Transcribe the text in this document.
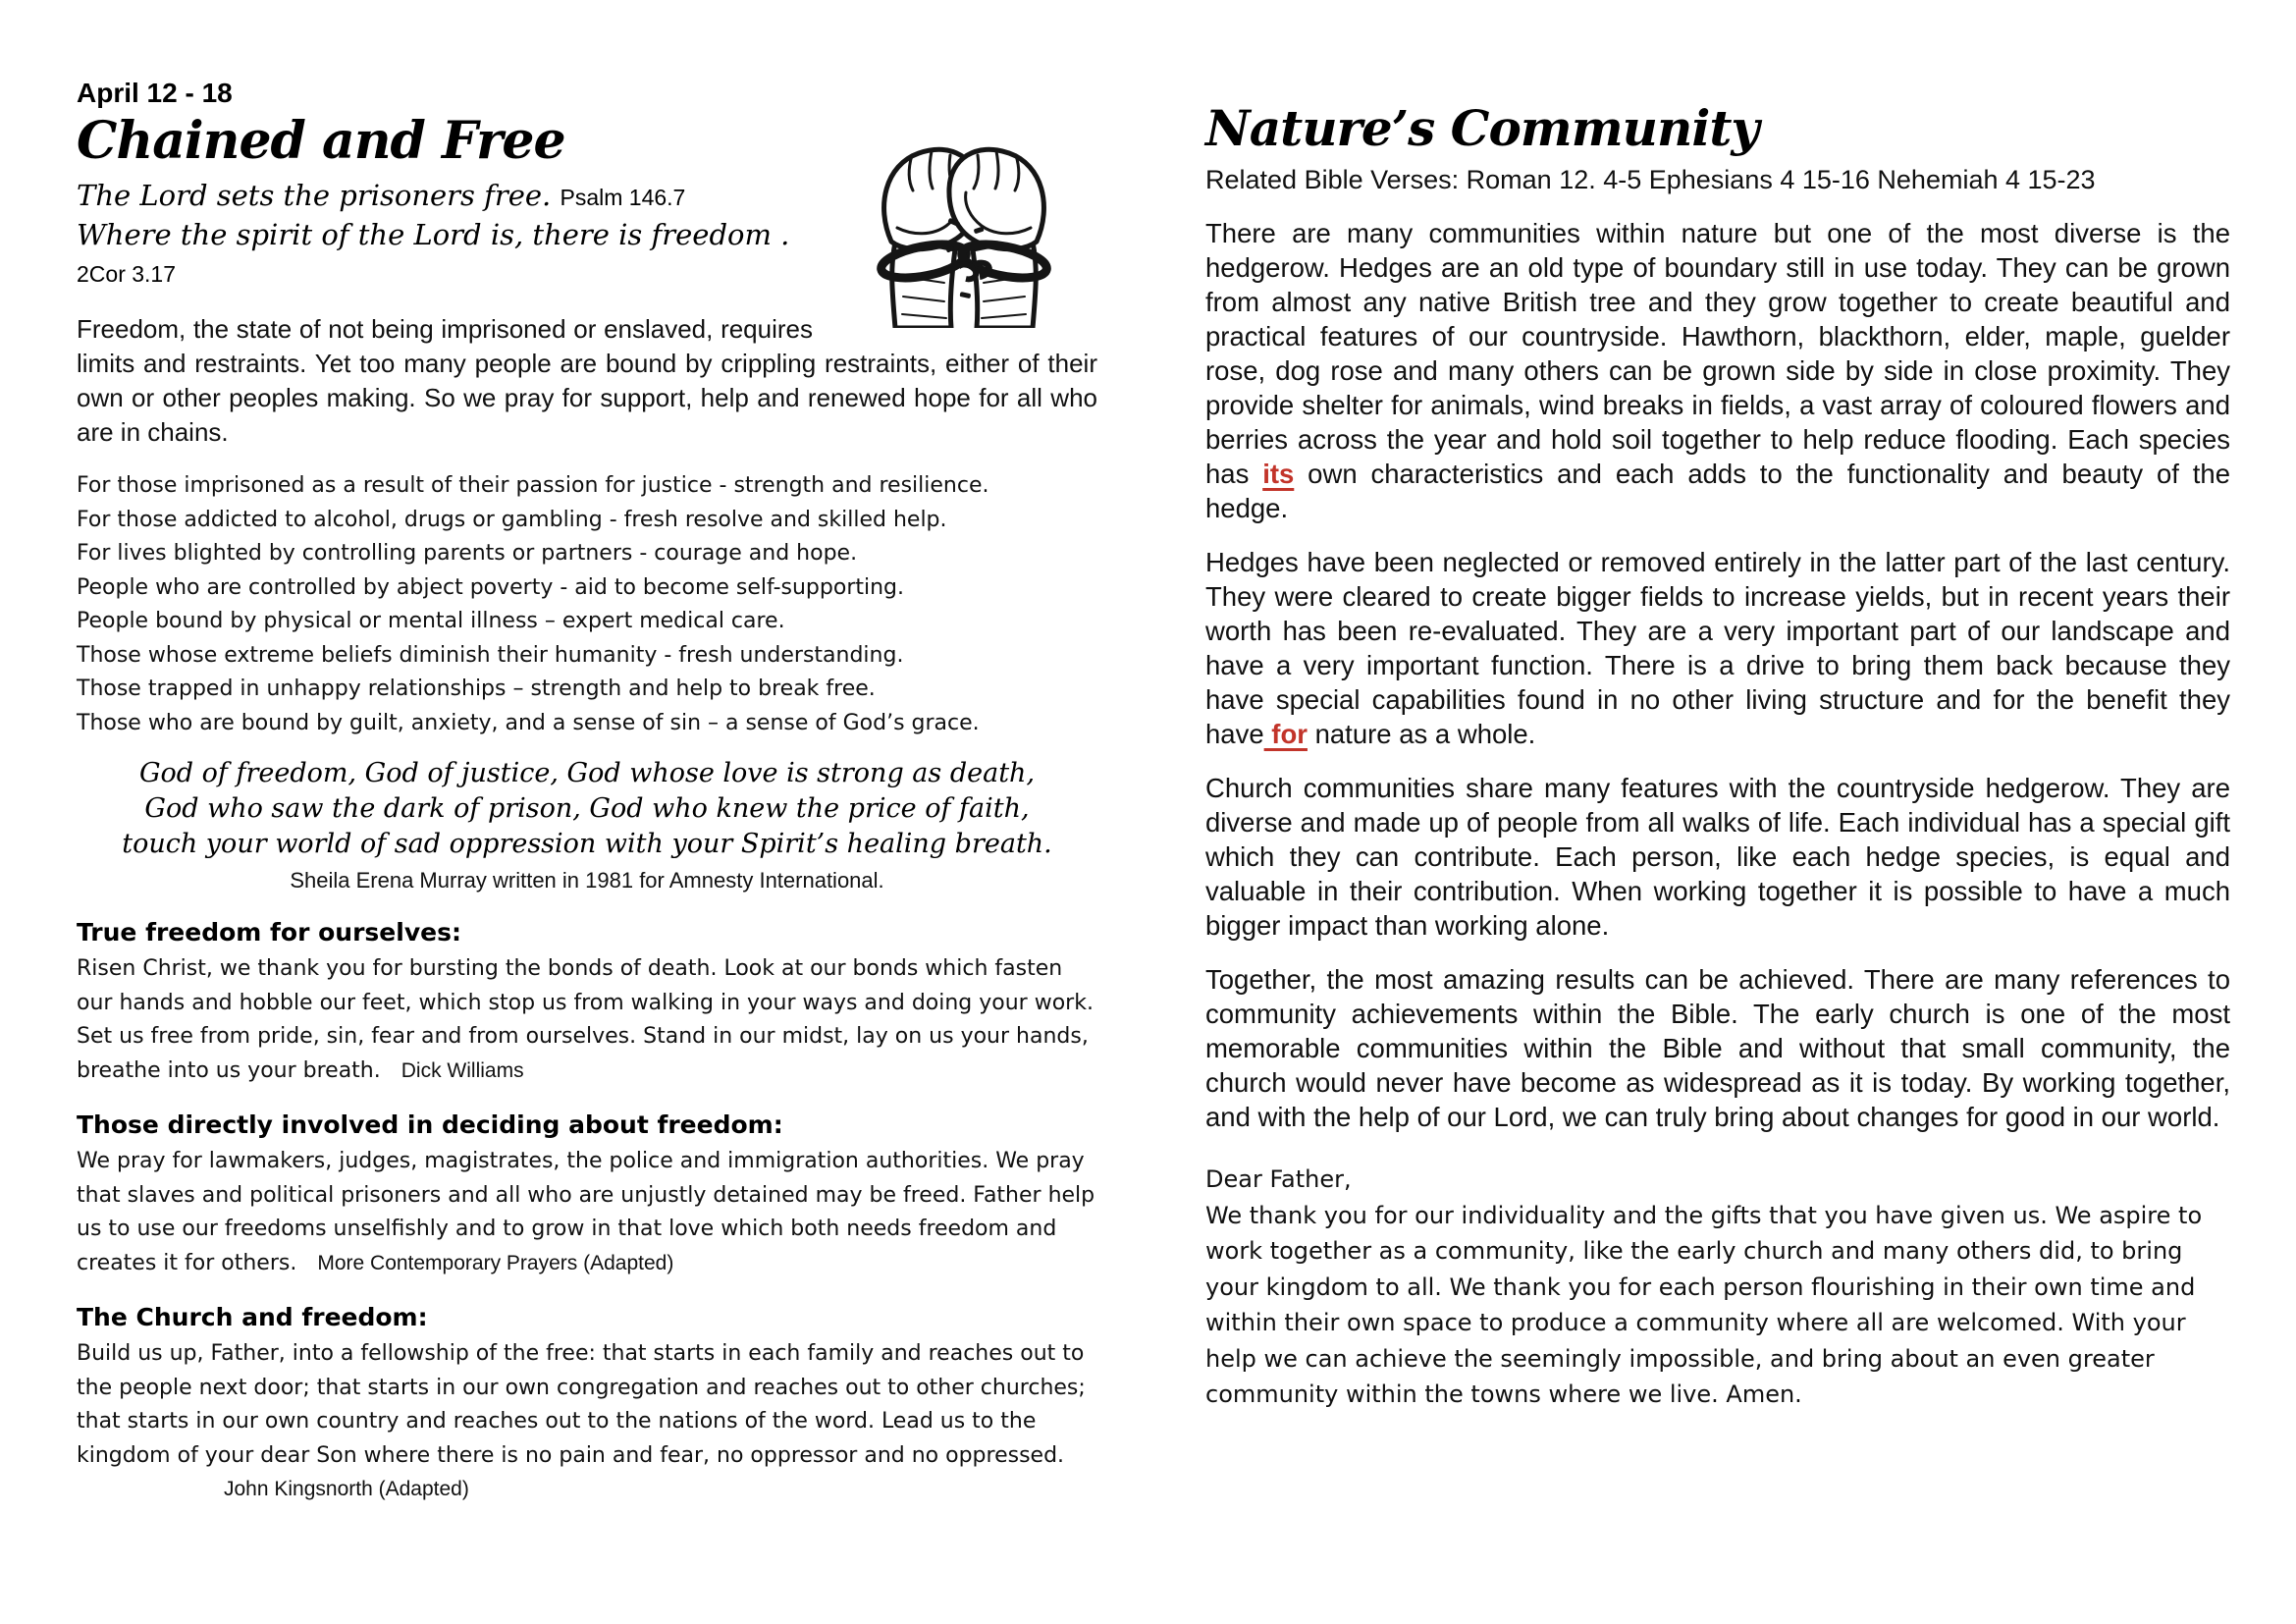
April 12 - 18
Chained and Free

The Lord sets the prisoners free. Psalm 146.7

Where the spirit of the Lord is, there is freedom . 2Cor 3.17

Freedom, the state of not being imprisoned or enslaved, requires limits and restraints. Yet too many people are bound by crippling restraints, either of their own or other peoples making. So we pray for support, help and renewed hope for all who are in chains.

For those imprisoned as a result of their passion for justice - strength and resilience.

For those addicted to alcohol, drugs or gambling - fresh resolve and skilled help.

For lives blighted by controlling parents or partners - courage and hope.

People who are controlled by abject poverty - aid to become self-supporting.

People bound by physical or mental illness – expert medical care.

Those whose extreme beliefs diminish their humanity - fresh understanding.

Those trapped in unhappy relationships – strength and help to break free.

Those who are bound by guilt, anxiety, and a sense of sin – a sense of God’s grace.

God of freedom, God of justice, God whose love is strong as death,

God who saw the dark of prison, God who knew the price of faith,

touch your world of sad oppression with your Spirit’s healing breath.

Sheila Erena Murray written in 1981 for Amnesty International.

True freedom for ourselves:

Risen Christ, we thank you for bursting the bonds of death. Look at our bonds which fasten our hands and hobble our feet, which stop us from walking in your ways and doing your work. Set us free from pride, sin, fear and from ourselves. Stand in our midst, lay on us your hands, breathe into us your breath. Dick Williams

Those directly involved in deciding about freedom:

We pray for lawmakers, judges, magistrates, the police and immigration authorities. We pray that slaves and political prisoners and all who are unjustly detained may be freed. Father help us to use our freedoms unselfishly and to grow in that love which both needs freedom and creates it for others. More Contemporary Prayers (Adapted)

The Church and freedom:

Build us up, Father, into a fellowship of the free: that starts in each family and reaches out to the people next door; that starts in our own congregation and reaches out to other churches; that starts in our own country and reaches out to the nations of the word. Lead us to the kingdom of your dear Son where there is no pain and fear, no oppressor and no oppressed. John Kingsnorth (Adapted)

Nature’s Community

Related Bible Verses: Roman 12. 4-5 Ephesians 4 15-16 Nehemiah 4 15-23

There are many communities within nature but one of the most diverse is the hedgerow. Hedges are an old type of boundary still in use today. They can be grown from almost any native British tree and they grow together to create beautiful and practical features of our countryside. Hawthorn, blackthorn, elder, maple, guelder rose, dog rose and many others can be grown side by side in close proximity. They provide shelter for animals, wind breaks in fields, a vast array of coloured flowers and berries across the year and hold soil together to help reduce flooding. Each species has its own characteristics and each adds to the functionality and beauty of the hedge.

Hedges have been neglected or removed entirely in the latter part of the last century. They were cleared to create bigger fields to increase yields, but in recent years their worth has been re-evaluated. They are a very important part of our landscape and have a very important function. There is a drive to bring them back because they have special capabilities found in no other living structure and for the benefit they have for nature as a whole.

Church communities share many features with the countryside hedgerow. They are diverse and made up of people from all walks of life. Each individual has a special gift which they can contribute. Each person, like each hedge species, is equal and valuable in their contribution. When working together it is possible to have a much bigger impact than working alone.

Together, the most amazing results can be achieved. There are many references to community achievements within the Bible. The early church is one of the most memorable communities within the Bible and without that small community, the church would never have become as widespread as it is today. By working together, and with the help of our Lord, we can truly bring about changes for good in our world.

Dear Father,

We thank you for our individuality and the gifts that you have given us. We aspire to work together as a community, like the early church and many others did, to bring your kingdom to all. We thank you for each person flourishing in their own time and within their own space to produce a community where all are welcomed. With your help we can achieve the seemingly impossible, and bring about an even greater community within the towns where we live. Amen.
